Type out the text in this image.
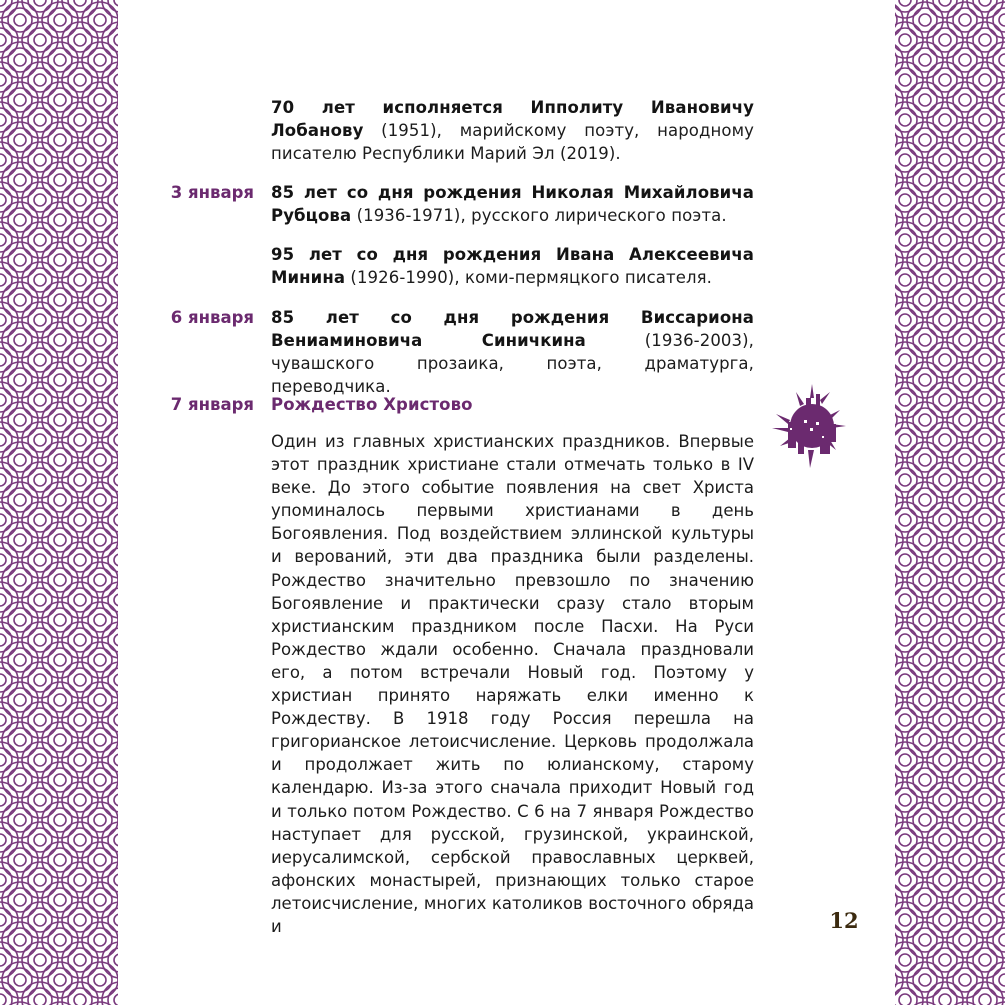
70 лет исполняется Ипполиту Ивановичу Лобанову (1951), марийскому поэту, народному писателю Республики Марий Эл (2019).
3 января 85 лет со дня рождения Николая Михайловича Рубцова (1936-1971), русского лирического поэта.
95 лет со дня рождения Ивана Алексеевича Минина (1926-1990), коми-пермяцкого писателя.
6 января 85 лет со дня рождения Виссариона Вениаминовича Синичкина (1936-2003), чувашского прозаика, поэта, драматурга, переводчика.
7 января Рождество Христово
Один из главных христианских праздников. Впервые этот праздник христиане стали отмечать только в IV веке. До этого событие появления на свет Христа упоминалось первыми христианами в день Богоявления. Под воздействием эллинской культуры и верований, эти два праздника были разделены. Рождество значительно превзошло по значению Богоявление и практически сразу стало вторым христианским праздником после Пасхи. На Руси Рождество ждали особенно. Сначала праздновали его, а потом встречали Новый год. Поэтому у христиан принято наряжать елки именно к Рождеству. В 1918 году Россия перешла на григорианское летоисчисление. Церковь продолжала и продолжает жить по юлианскому, старому календарю. Из-за этого сначала приходит Новый год и только потом Рождество. С 6 на 7 января Рождество наступает для русской, грузинской, украинской, иерусалимской, сербской православных церквей, афонских монастырей, признающих только старое летоисчисление, многих католиков восточного обряда и	12
